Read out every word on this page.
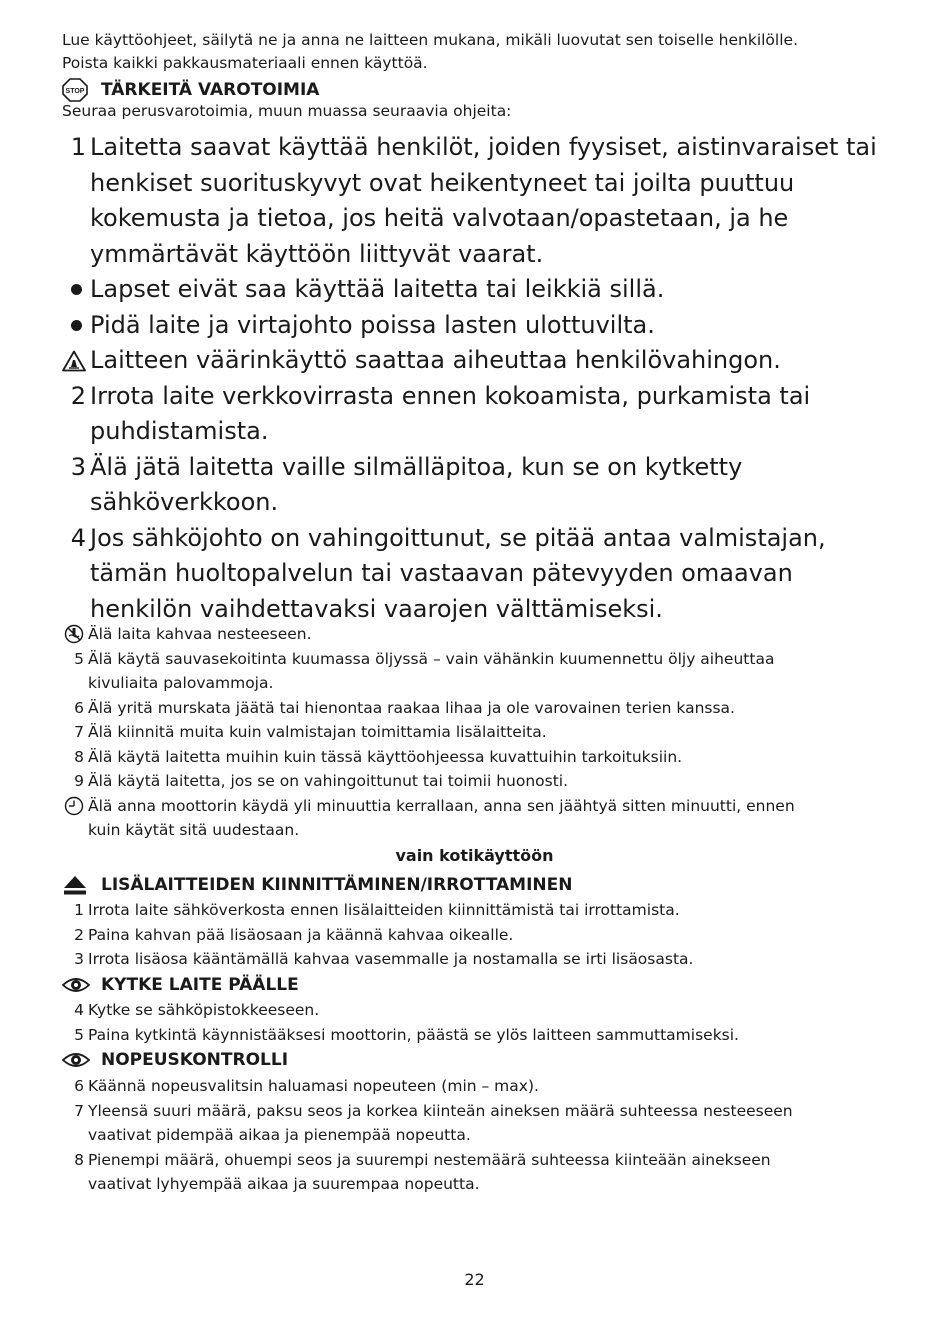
Lue käyttöohjeet, säilytä ne ja anna ne laitteen mukana, mikäli luovutat sen toiselle henkilölle.
Poista kaikki pakkausmateriaali ennen käyttöä.
STOP TÄRKEITÄ VAROTOIMIA
Seuraa perusvarotoimia, muun muassa seuraavia ohjeita:
1 Laitetta saavat käyttää henkilöt, joiden fyysiset, aistinvaraiset tai
henkiset suorituskyvyt ovat heikentyneet tai joilta puuttuu
kokemusta ja tietoa, jos heitä valvotaan/opastetaan, ja he
ymmärtävät käyttöön liittyvät vaarat.
Lapset eivät saa käyttää laitetta tai leikkiä sillä.
Pidä laite ja virtajohto poissa lasten ulottuvilta.
Laitteen väärinkäyttö saattaa aiheuttaa henkilövahingon.
2 Irrota laite verkkovirrasta ennen kokoamista, purkamista tai
puhdistamista.
3 Älä jätä laitetta vaille silmälläpitoa, kun se on kytketty
sähköverkkoon.
4 Jos sähköjohto on vahingoittunut, se pitää antaa valmistajan,
tämän huoltopalvelun tai vastaavan pätevyyden omaavan
henkilön vaihdettavaksi vaarojen välttämiseksi.
Älä laita kahvaa nesteeseen.
5 Älä käytä sauvasekoitinta kuumassa öljyssä – vain vähänkin kuumennettu öljy aiheuttaa
kivuliaita palovammoja.
6 Älä yritä murskata jäätä tai hienontaa raakaa lihaa ja ole varovainen terien kanssa.
7 Älä kiinnitä muita kuin valmistajan toimittamia lisälaitteita.
8 Älä käytä laitetta muihin kuin tässä käyttöohjeessa kuvattuihin tarkoituksiin.
9 Älä käytä laitetta, jos se on vahingoittunut tai toimii huonosti.
Älä anna moottorin käydä yli minuuttia kerrallaan, anna sen jäähtyä sitten minuutti, ennen
kuin käytät sitä uudestaan.
vain kotikäyttöön
LISÄLAITTEIDEN KIINNITTÄMINEN/IRROTTAMINEN
1 Irrota laite sähköverkosta ennen lisälaitteiden kiinnittämistä tai irrottamista.
2 Paina kahvan pää lisäosaan ja käännä kahvaa oikealle.
3 Irrota lisäosa kääntämällä kahvaa vasemmalle ja nostamalla se irti lisäosasta.
KYTKE LAITE PÄÄLLE
4 Kytke se sähköpistokkeeseen.
5 Paina kytkintä käynnistääksesi moottorin, päästä se ylös laitteen sammuttamiseksi.
NOPEUSKONTROLLI
6 Käännä nopeusvalitsin haluamasi nopeuteen (min – max).
7 Yleensä suuri määrä, paksu seos ja korkea kiinteän aineksen määrä suhteessa nesteeseen
vaativat pidempää aikaa ja pienempää nopeutta.
8 Pienempi määrä, ohuempi seos ja suurempi nestemäärä suhteessa kiinteään ainekseen
vaativat lyhyempää aikaa ja suurempaa nopeutta.
22
